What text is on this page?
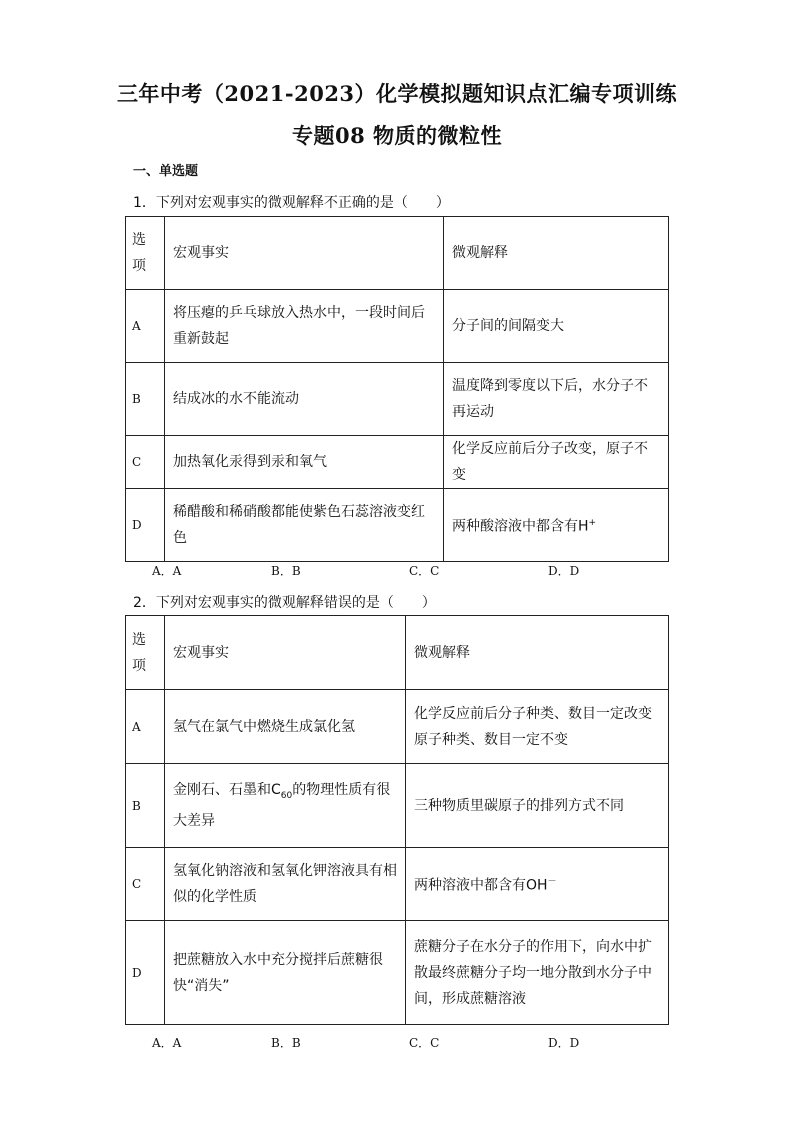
三年中考（2021-2023）化学模拟题知识点汇编专项训练
专题08 物质的微粒性
一、单选题
1．下列对宏观事实的微观解释不正确的是（　　）
选项	宏观事实	微观解释
A	将压瘪的乒乓球放入热水中，一段时间后重新鼓起	分子间的间隔变大
B	结成冰的水不能流动	温度降到零度以下后，水分子不再运动
C	加热氧化汞得到汞和氧气	化学反应前后分子改变，原子不变
D	稀醋酸和稀硝酸都能使紫色石蕊溶液变红色	两种酸溶液中都含有H+
A．A	B．B	C．C	D．D
2．下列对宏观事实的微观解释错误的是（　　）
选项	宏观事实	微观解释
A	氢气在氯气中燃烧生成氯化氢	化学反应前后分子种类、数目一定改变原子种类、数目一定不变
B	金刚石、石墨和$C_{60}$的物理性质有很大差异	三种物质里碳原子的排列方式不同
C	氢氧化钠溶液和氢氧化钾溶液具有相似的化学性质	两种溶液中都含有OH－
D	把蔗糖放入水中充分搅拌后蔗糖很快“消失”	蔗糖分子在水分子的作用下，向水中扩散最终蔗糖分子均一地分散到水分子中间，形成蔗糖溶液
A．A	B．B	C．C	D．D
